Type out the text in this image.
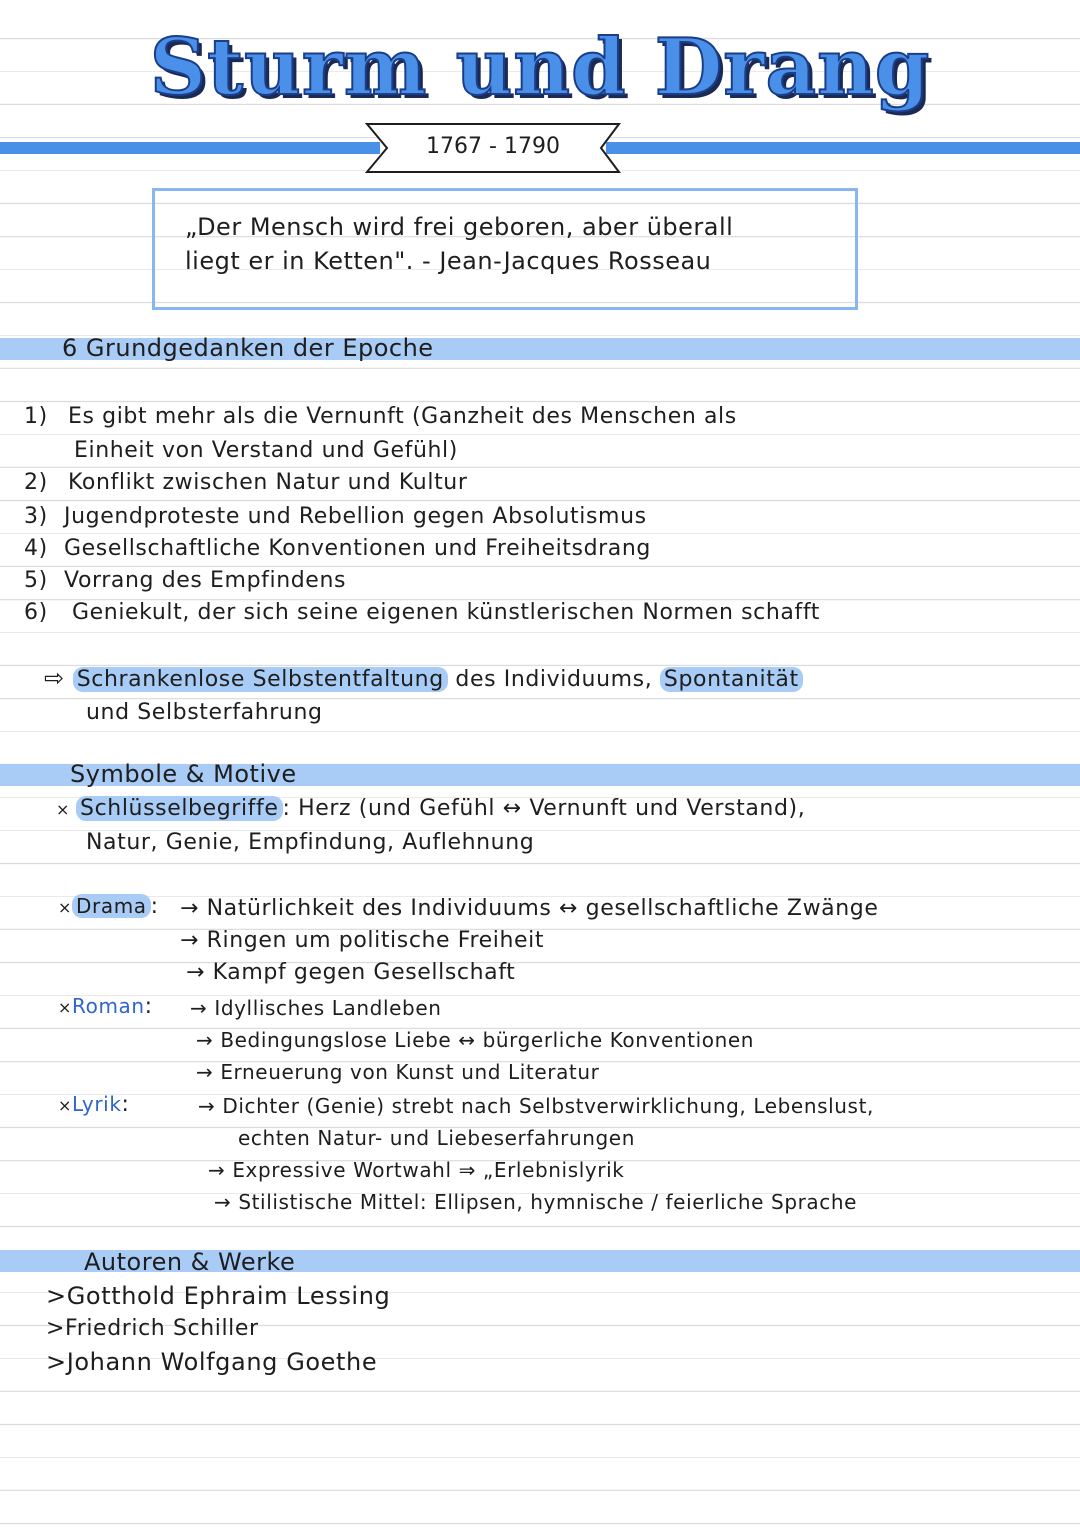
Sturm und Drang
1767 - 1790
„Der Mensch wird frei geboren, aber überall
liegt er in Ketten". - Jean-Jacques Rosseau
6 Grundgedanken der Epoche
1) Es gibt mehr als die Vernunft (Ganzheit des Menschen als
Einheit von Verstand und Gefühl)
2) Konflikt zwischen Natur und Kultur
3) Jugendproteste und Rebellion gegen Absolutismus
4) Gesellschaftliche Konventionen und Freiheitsdrang
5) Vorrang des Empfindens
6) Geniekult, der sich seine eigenen künstlerischen Normen schafft
⇨ Schrankenlose Selbstentfaltung des Individuums, Spontanität
und Selbsterfahrung
Symbole & Motive
× Schlüsselbegriffe : Herz (und Gefühl ↔ Vernunft und Verstand),
Natur, Genie, Empfindung, Auflehnung
× Drama : → Natürlichkeit des Individuums ↔ gesellschaftliche Zwänge
→ Ringen um politische Freiheit
→ Kampf gegen Gesellschaft
×Roman: → Idyllisches Landleben
→ Bedingungslose Liebe ↔ bürgerliche Konventionen
→ Erneuerung von Kunst und Literatur
×Lyrik:	→ Dichter (Genie) strebt nach Selbstverwirklichung, Lebenslust,
echten Natur- und Liebeserfahrungen
→ Expressive Wortwahl ⇒ „Erlebnislyrik
→ Stilistische Mittel: Ellipsen, hymnische / feierliche Sprache
Autoren & Werke
>Gotthold Ephraim Lessing
>Friedrich Schiller
>Johann Wolfgang Goethe
